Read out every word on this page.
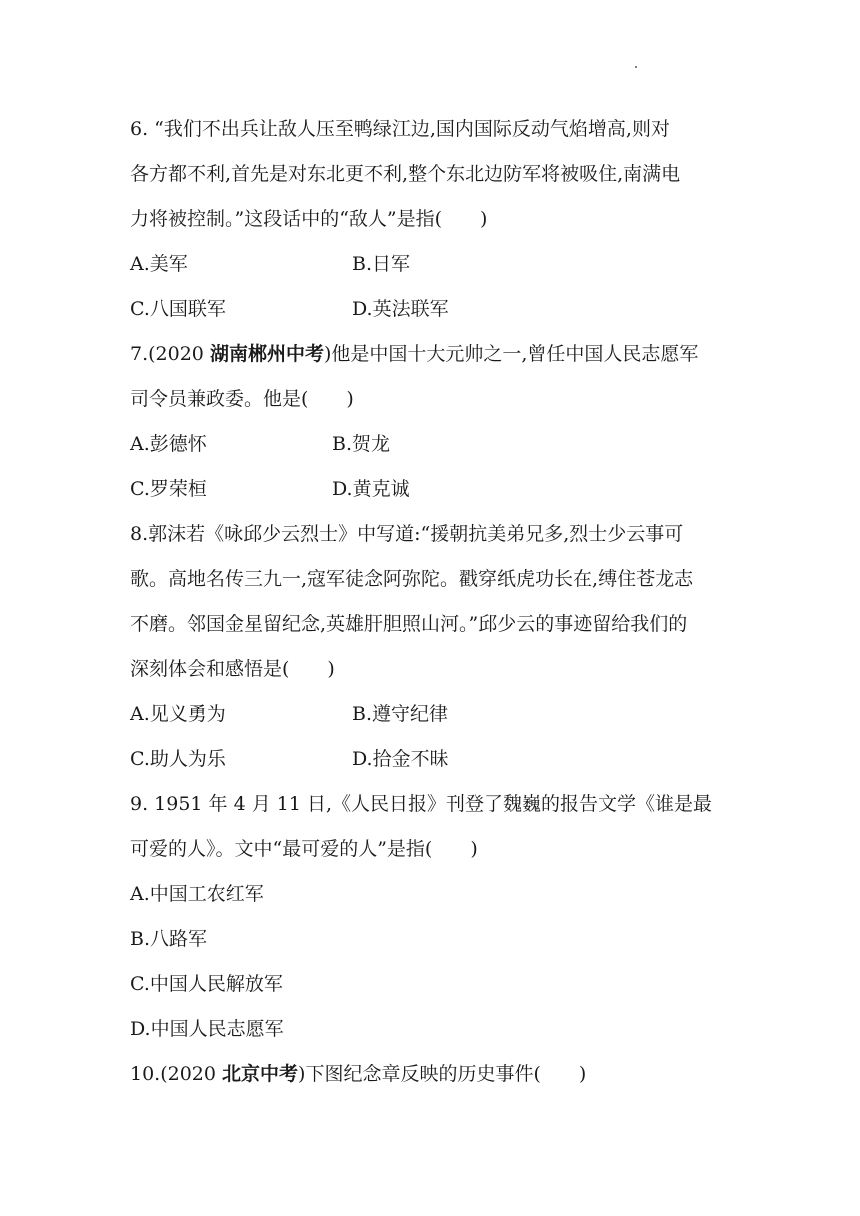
6. “我们不出兵让敌人压至鸭绿江边,国内国际反动气焰增高,则对
各方都不利,首先是对东北更不利,整个东北边防军将被吸住,南满电
力将被控制。”这段话中的“敌人”是指(　　)
A.美军	B.日军
C.八国联军	D.英法联军
7.(2020 湖南郴州中考)他是中国十大元帅之一,曾任中国人民志愿军
司令员兼政委。他是(　　)
A.彭德怀	B.贺龙
C.罗荣桓	D.黄克诚
8.郭沫若《咏邱少云烈士》中写道:“援朝抗美弟兄多,烈士少云事可
歌。高地名传三九一,寇军徒念阿弥陀。戳穿纸虎功长在,缚住苍龙志
不磨。邻国金星留纪念,英雄肝胆照山河。”邱少云的事迹留给我们的
深刻体会和感悟是(　　)
A.见义勇为	B.遵守纪律
C.助人为乐	D.拾金不昧
9. 1951 年 4 月 11 日,《人民日报》刊登了魏巍的报告文学《谁是最
可爱的人》。文中“最可爱的人”是指(　　)
A.中国工农红军
B.八路军
C.中国人民解放军
D.中国人民志愿军
10.(2020 北京中考)下图纪念章反映的历史事件(　　)
